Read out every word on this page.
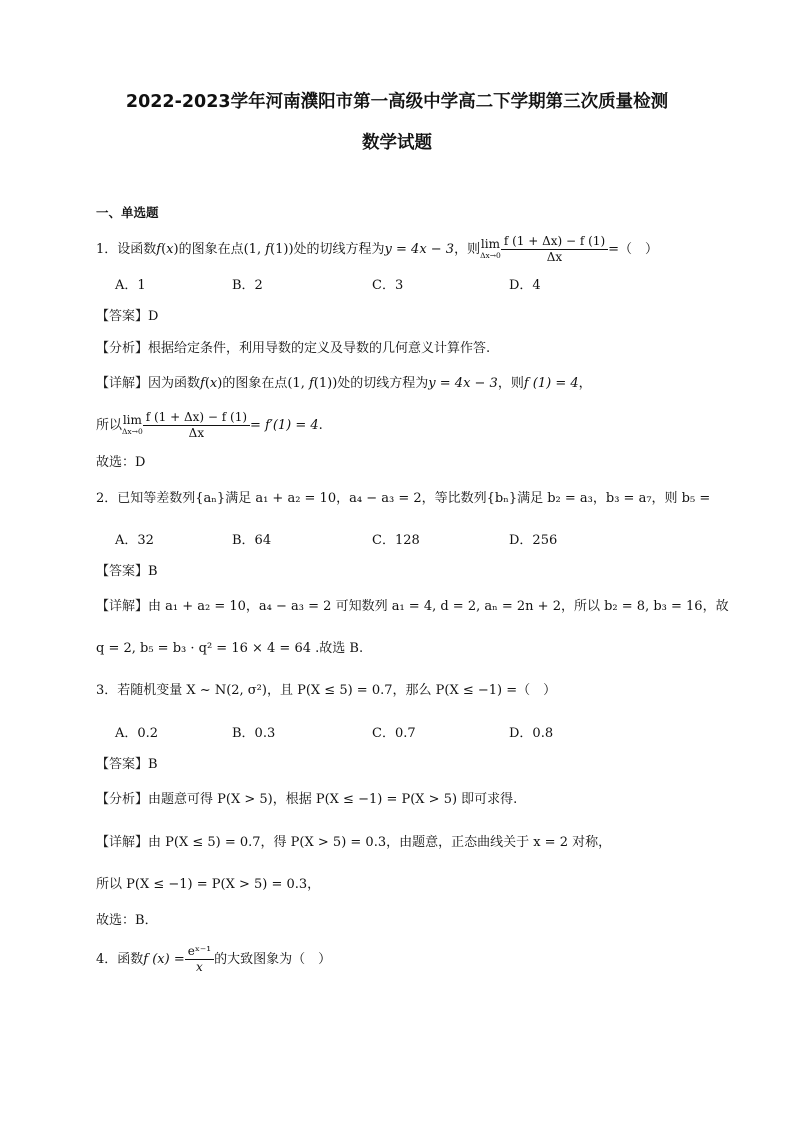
2022-2023学年河南濮阳市第一高级中学高二下学期第三次质量检测
数学试题
一、单选题
1．设函数f(x)的图象在点(1, f(1))处的切线方程为y = 4x − 3，则 lim
$\Delta x\to 0 \frac{f (1 + \Delta x) - f (1)}{\Delta x}$ =（　）
A．1	B．2	C．3	D．4
【答案】D
【分析】根据给定条件，利用导数的定义及导数的几何意义计算作答.
【详解】因为函数f(x)的图象在点(1, f(1))处的切线方程为y = 4x − 3，则f (1) = 4，
所以 lim
$\Delta x\to 0 \frac{f (1 + \Delta x) - f (1)}{\Delta x} = f'(1) = 4$.
故选：D
2．已知等差数列{aₙ}满足 a₁ + a₂ = 10，a₄ − a₃ = 2，等比数列{bₙ}满足 b₂ = a₃，b₃ = a₇，则 b₅ =
A．32	B．64	C．128	D．256
【答案】B
【详解】由 a₁ + a₂ = 10，a₄ − a₃ = 2 可知数列 a₁ = 4, d = 2, aₙ = 2n + 2，所以 b₂ = 8, b₃ = 16，故
q = 2, b₅ = b₃ · q² = 16 × 4 = 64 .故选 B.
3．若随机变量 X ~ N(2, σ²)，且 P(X ≤ 5) = 0.7，那么 P(X ≤ −1) =（　）
A．0.2	B．0.3	C．0.7	D．0.8
【答案】B
【分析】由题意可得 P(X > 5)，根据 P(X ≤ −1) = P(X > 5) 即可求得.
【详解】由 P(X ≤ 5) = 0.7，得 P(X > 5) = 0.3，由题意，正态曲线关于 x = 2 对称，
所以 P(X ≤ −1) = P(X > 5) = 0.3，
故选：B．
4．函数f $(x) = \frac{\text{eˣ⁻¹}}{x}$ 的大致图象为（　）
